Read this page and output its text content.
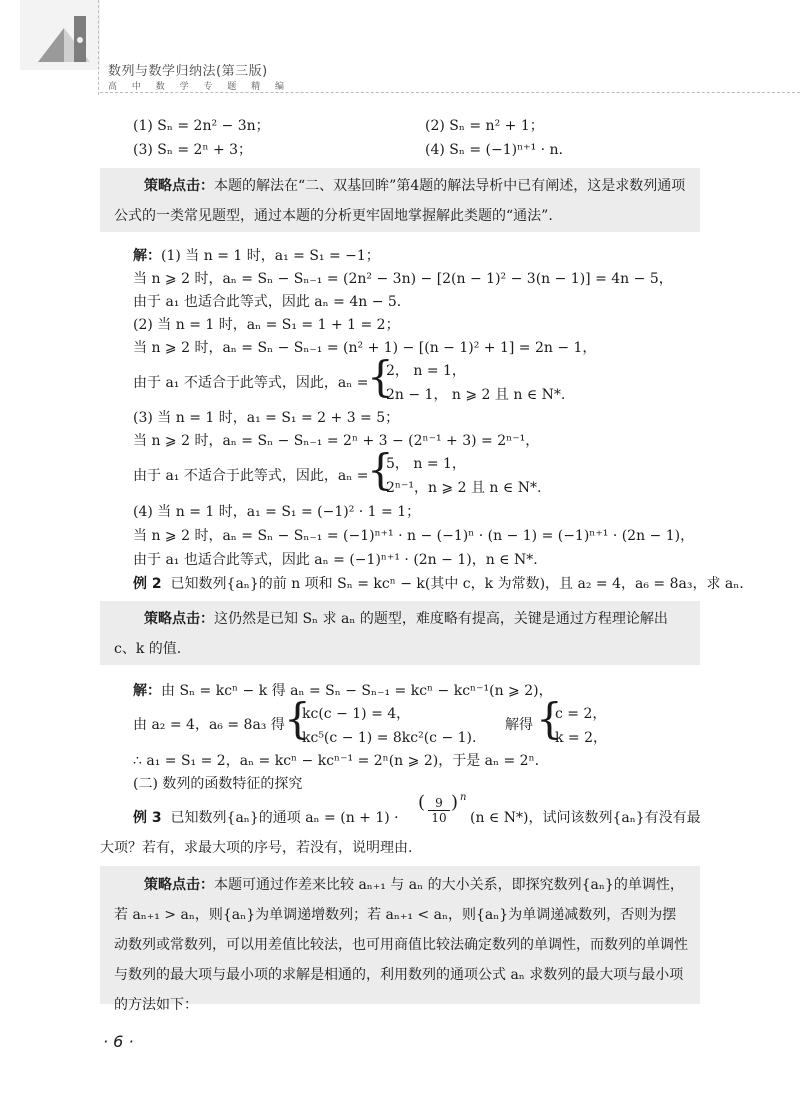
数列与数学归纳法(第三版)
高 中 数 学 专 题 精 编
(1) Sₙ = 2n² − 3n；	(2) Sₙ = n² + 1；
(3) Sₙ = 2ⁿ + 3；	(4) Sₙ = (−1)ⁿ⁺¹ · n.
策略点击：本题的解法在“二、双基回眸”第4题的解法导析中已有阐述，这是求数列通项公式的一类常见题型，通过本题的分析更牢固地掌握解此类题的“通法”.
解：(1) 当 n = 1 时，a₁ = S₁ = −1；
当 n ⩾ 2 时，aₙ = Sₙ − Sₙ₋₁ = (2n² − 3n) − [2(n − 1)² − 3(n − 1)] = 4n − 5，
由于 a₁ 也适合此等式，因此 aₙ = 4n − 5.
(2) 当 n = 1 时，aₙ = S₁ = 1 + 1 = 2；
当 n ⩾ 2 时，aₙ = Sₙ − Sₙ₋₁ = (n² + 1) − [(n − 1)² + 1] = 2n − 1，
由于 a₁ 不适合于此等式，因此，aₙ =
{
2， n = 1，
2n − 1， n ⩾ 2 且 n ∈ N*.
(3) 当 n = 1 时，a₁ = S₁ = 2 + 3 = 5；
当 n ⩾ 2 时，aₙ = Sₙ − Sₙ₋₁ = 2ⁿ + 3 − (2ⁿ⁻¹ + 3) = 2ⁿ⁻¹，
由于 a₁ 不适合于此等式，因此，aₙ =
{
5， n = 1，
2ⁿ⁻¹，n ⩾ 2 且 n ∈ N*.
(4) 当 n = 1 时，a₁ = S₁ = (−1)² · 1 = 1；
当 n ⩾ 2 时，aₙ = Sₙ − Sₙ₋₁ = (−1)ⁿ⁺¹ · n − (−1)ⁿ · (n − 1) = (−1)ⁿ⁺¹ · (2n − 1)，
由于 a₁ 也适合此等式，因此 aₙ = (−1)ⁿ⁺¹ · (2n − 1)，n ∈ N*.
例 2 已知数列{aₙ}的前 n 项和 Sₙ = kcⁿ − k(其中 c，k 为常数)，且 a₂ = 4，a₆ = 8a₃，求 aₙ.
策略点击：这仍然是已知 Sₙ 求 aₙ 的题型，难度略有提高，关键是通过方程理论解出 c、k 的值.
解：由 Sₙ = kcⁿ − k 得 aₙ = Sₙ − Sₙ₋₁ = kcⁿ − kcⁿ⁻¹(n ⩾ 2)，
由 a₂ = 4，a₆ = 8a₃ 得 {
kc(c − 1) = 4，
kc⁵(c − 1) = 8kc²(c − 1).
解得 {
c = 2，
k = 2，
∴ a₁ = S₁ = 2，aₙ = kcⁿ − kcⁿ⁻¹ = 2ⁿ(n ⩾ 2)，于是 aₙ = 2ⁿ.
(二) 数列的函数特征的探究
例 3 已知数列{aₙ}的通项 aₙ = (n + 1) ·
( $\frac{9}{10}$ ) n
(n ∈ N*)，试问该数列{aₙ}有没有最
大项？若有，求最大项的序号，若没有，说明理由.
策略点击：本题可通过作差来比较 aₙ₊₁ 与 aₙ 的大小关系，即探究数列{aₙ}的单调性，若 aₙ₊₁ > aₙ，则{aₙ}为单调递增数列；若 aₙ₊₁ < aₙ，则{aₙ}为单调递减数列，否则为摆动数列或常数列，可以用差值比较法，也可用商值比较法确定数列的单调性，而数列的单调性与数列的最大项与最小项的求解是相通的，利用数列的通项公式 aₙ 求数列的最大项与最小项的方法如下：
· 6 ·
